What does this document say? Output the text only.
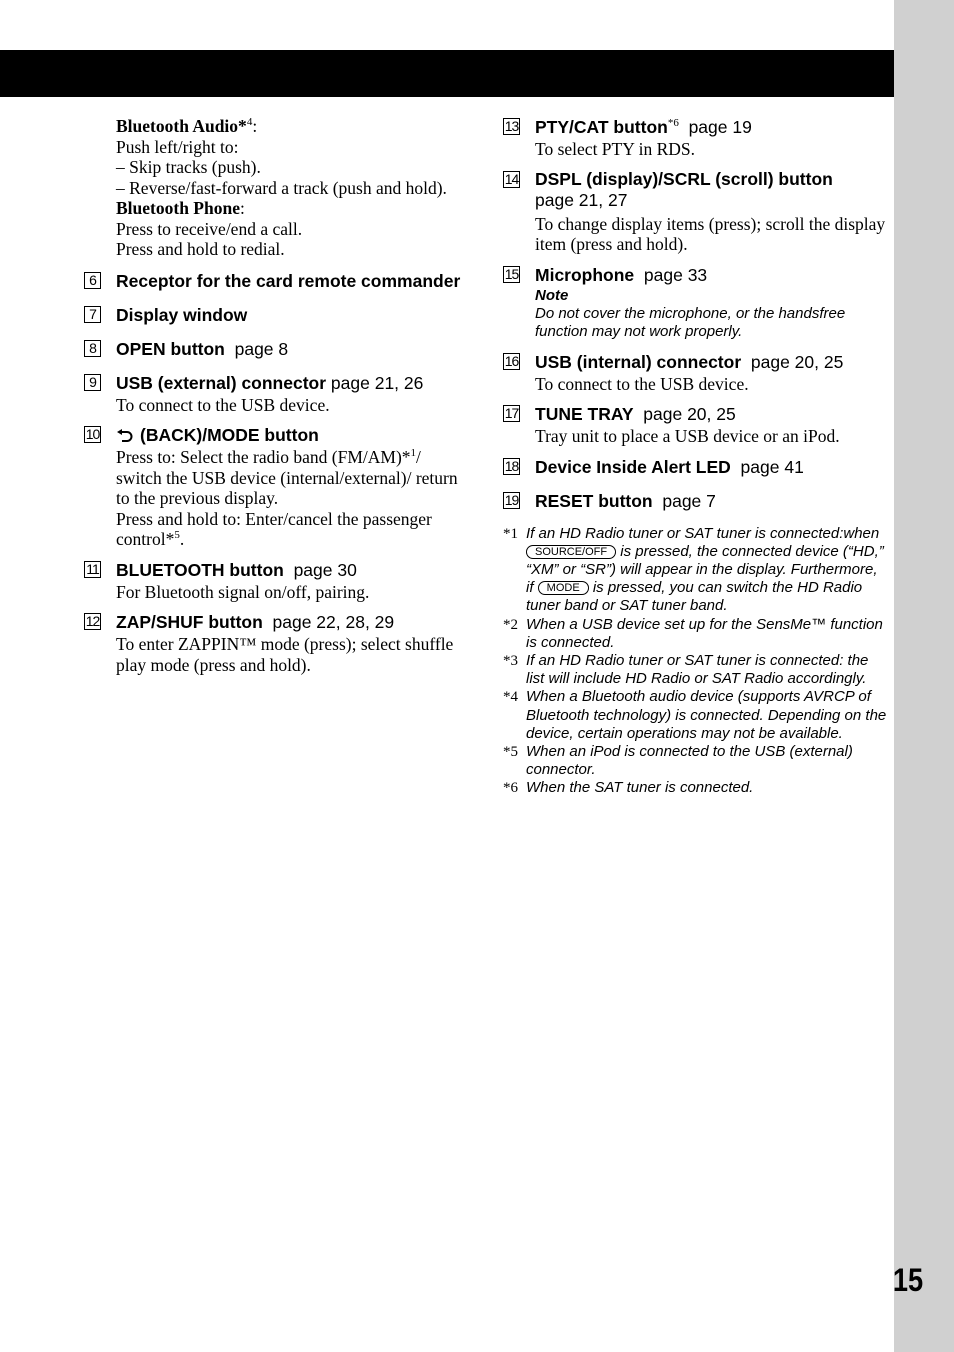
15

Bluetooth Audio*$^4$:

Push left/right to:

– Skip tracks (push).

– Reverse/fast-forward a track (push and hold).

Bluetooth Phone:

Press to receive/end a call.

Press and hold to redial.

6 Receptor for the card remote commander
7 Display window
8 OPEN button page 8
9 USB (external) connector page 21, 26

To connect to the USB device.

10	(BACK)/MODE button

Press to: Select the radio band (FM/AM)*$^1$/ switch the USB device (internal/external)/ return to the previous display.

Press and hold to: Enter/cancel the passenger control*$^5$.

11 BLUETOOTH button page 30

For Bluetooth signal on/off, pairing.

12 ZAP/SHUF button page 22, 28, 29

To enter ZAPPIN™ mode (press); select shuffle play mode (press and hold).

13 PTY/CAT button$^{*6}$ page 19

To select PTY in RDS.

14 DSPL (display)/SCRL (scroll) button
page 21, 27

To change display items (press); scroll the display item (press and hold).

15 Microphone page 33
Note
Do not cover the microphone, or the handsfree function may not work properly.
16 USB (internal) connector page 20, 25

To connect to the USB device.

17 TUNE TRAY page 20, 25

Tray unit to place a USB device or an iPod.

18 Device Inside Alert LED page 41
19 RESET button page 7
*1 If an HD Radio tuner or SAT tuner is connected:when SOURCE/OFF is pressed, the connected device (“HD,” “XM” or “SR”) will appear in the display. Furthermore, if MODE is pressed, you can switch the HD Radio tuner band or SAT tuner band.
*2 When a USB device set up for the SensMe™ function is connected.
*3 If an HD Radio tuner or SAT tuner is connected: the list will include HD Radio or SAT Radio accordingly.
*4 When a Bluetooth audio device (supports AVRCP of Bluetooth technology) is connected. Depending on the device, certain operations may not be available.
*5 When an iPod is connected to the USB (external) connector.
*6 When the SAT tuner is connected.
